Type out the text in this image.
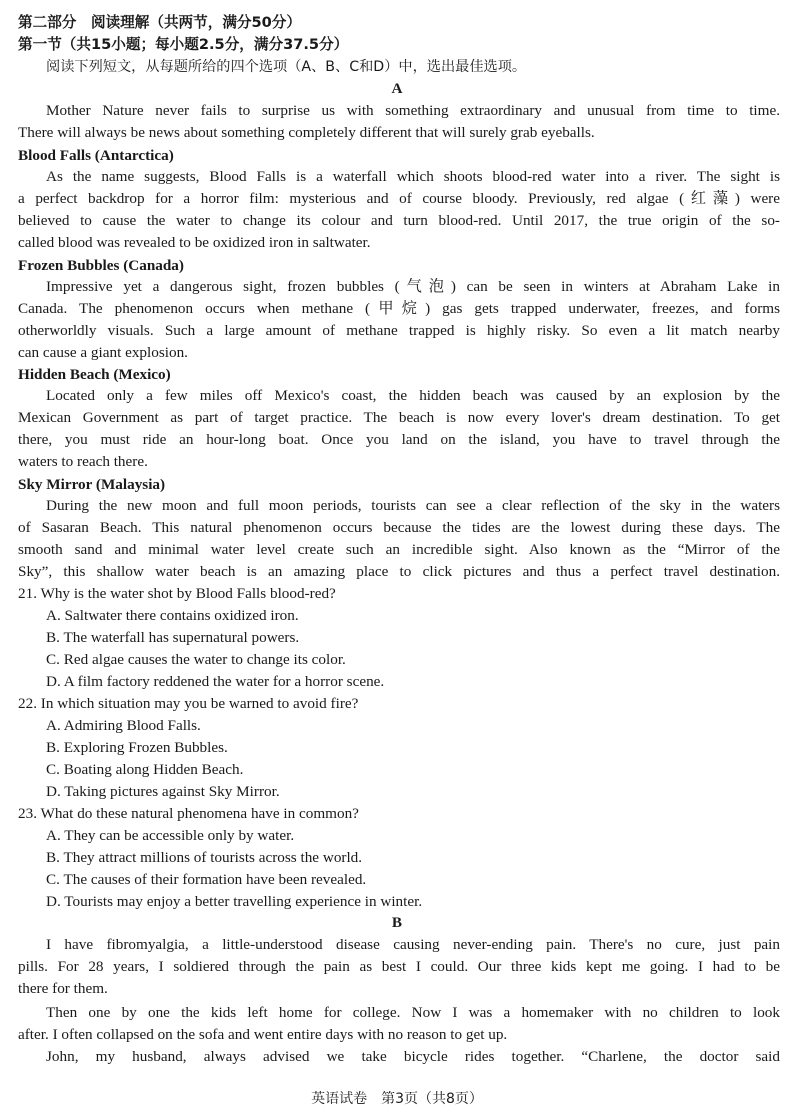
第二部分　阅读理解（共两节，满分50分）
第一节（共15小题；每小题2.5分，满分37.5分）
阅读下列短文，从每题所给的四个选项（A、B、C和D）中，选出最佳选项。
A
Mother Nature never fails to surprise us with something extraordinary and unusual from time to time.
There will always be news about something completely different that will surely grab eyeballs.
Blood Falls (Antarctica)
As the name suggests, Blood Falls is a waterfall which shoots blood-red water into a river. The sight is
a perfect backdrop for a horror film: mysterious and of course bloody. Previously, red algae (红藻) were
believed to cause the water to change its colour and turn blood-red. Until 2017, the true origin of the so-
called blood was revealed to be oxidized iron in saltwater.
Frozen Bubbles (Canada)
Impressive yet a dangerous sight, frozen bubbles (气泡) can be seen in winters at Abraham Lake in
Canada. The phenomenon occurs when methane (甲烷) gas gets trapped underwater, freezes, and forms
otherworldly visuals. Such a large amount of methane trapped is highly risky. So even a lit match nearby
can cause a giant explosion.
Hidden Beach (Mexico)
Located only a few miles off Mexico's coast, the hidden beach was caused by an explosion by the
Mexican Government as part of target practice. The beach is now every lover's dream destination. To get
there, you must ride an hour-long boat. Once you land on the island, you have to travel through the
waters to reach there.
Sky Mirror (Malaysia)
During the new moon and full moon periods, tourists can see a clear reflection of the sky in the waters
of Sasaran Beach. This natural phenomenon occurs because the tides are the lowest during these days. The
smooth sand and minimal water level create such an incredible sight. Also known as the “Mirror of the
Sky”, this shallow water beach is an amazing place to click pictures and thus a perfect travel destination.
21. Why is the water shot by Blood Falls blood-red?
A. Saltwater there contains oxidized iron.
B. The waterfall has supernatural powers.
C. Red algae causes the water to change its color.
D. A film factory reddened the water for a horror scene.
22. In which situation may you be warned to avoid fire?
A. Admiring Blood Falls.
B. Exploring Frozen Bubbles.
C. Boating along Hidden Beach.
D. Taking pictures against Sky Mirror.
23. What do these natural phenomena have in common?
A. They can be accessible only by water.
B. They attract millions of tourists across the world.
C. The causes of their formation have been revealed.
D. Tourists may enjoy a better travelling experience in winter.
B
I have fibromyalgia, a little-understood disease causing never-ending pain. There's no cure, just pain
pills. For 28 years, I soldiered through the pain as best I could. Our three kids kept me going. I had to be
there for them.
Then one by one the kids left home for college. Now I was a homemaker with no children to look
after. I often collapsed on the sofa and went entire days with no reason to get up.
John, my husband, always advised we take bicycle rides together. “Charlene, the doctor said
英语试卷　第3页（共8页）
